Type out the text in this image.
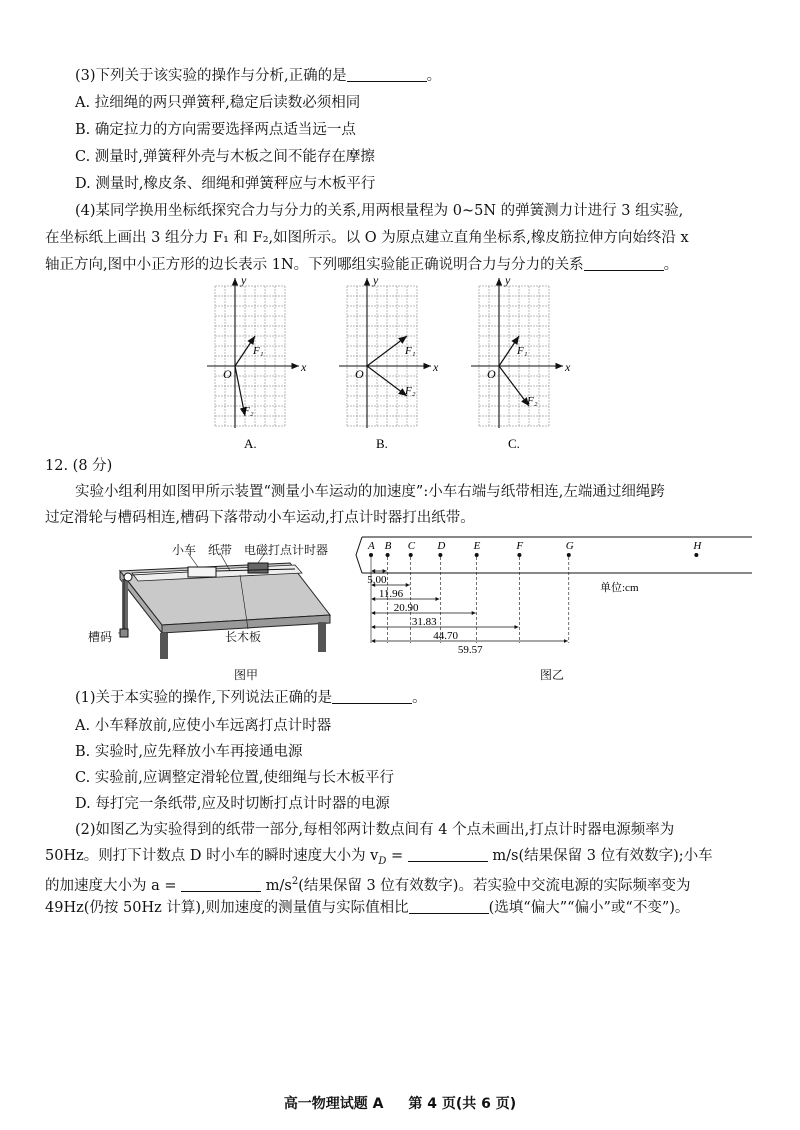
(3)下列关于该实验的操作与分析,正确的是	。
A. 拉细绳的两只弹簧秤,稳定后读数必须相同
B. 确定拉力的方向需要选择两点适当远一点
C. 测量时,弹簧秤外壳与木板之间不能存在摩擦
D. 测量时,橡皮条、细绳和弹簧秤应与木板平行
(4)某同学换用坐标纸探究合力与分力的关系,用两根量程为 0~5N 的弹簧测力计进行 3 组实验,
在坐标纸上画出 3 组分力 F₁ 和 F₂,如图所示。以 O 为原点建立直角坐标系,橡皮筋拉伸方向始终沿 x
轴正方向,图中小正方形的边长表示 1N。下列哪组实验能正确说明合力与分力的关系	。
x
y
O
F₁
F₂
A.
x
y
O
F₁
F₂
B.
x
y
O
F₁
F₂
C.
12. (8 分)
实验小组利用如图甲所示装置“测量小车运动的加速度”:小车右端与纸带相连,左端通过细绳跨
过定滑轮与槽码相连,槽码下落带动小车运动,打点计时器打出纸带。
小车 纸带 电磁打点计时器
槽码	长木板
图甲
A B C D	E	F	G	H
5.00
11.96
20.90
31.83
44.70
59.57
单位:cm
图乙
(1)关于本实验的操作,下列说法正确的是	。
A. 小车释放前,应使小车远离打点计时器
B. 实验时,应先释放小车再接通电源
C. 实验前,应调整定滑轮位置,使细绳与长木板平行
D. 每打完一条纸带,应及时切断打点计时器的电源
(2)如图乙为实验得到的纸带一部分,每相邻两计数点间有 4 个点未画出,打点计时器电源频率为
50Hz。则打下计数点 D 时小车的瞬时速度大小为 $v_D$ =	m/s(结果保留 3 位有效数字);小车
的加速度大小为 a =	$m/s^2$(结果保留 3 位有效数字)。若实验中交流电源的实际频率变为
49Hz(仍按 50Hz 计算),则加速度的测量值与实际值相比	(选填“偏大”“偏小”或“不变”)。
高一物理试题 A 第 4 页(共 6 页)
